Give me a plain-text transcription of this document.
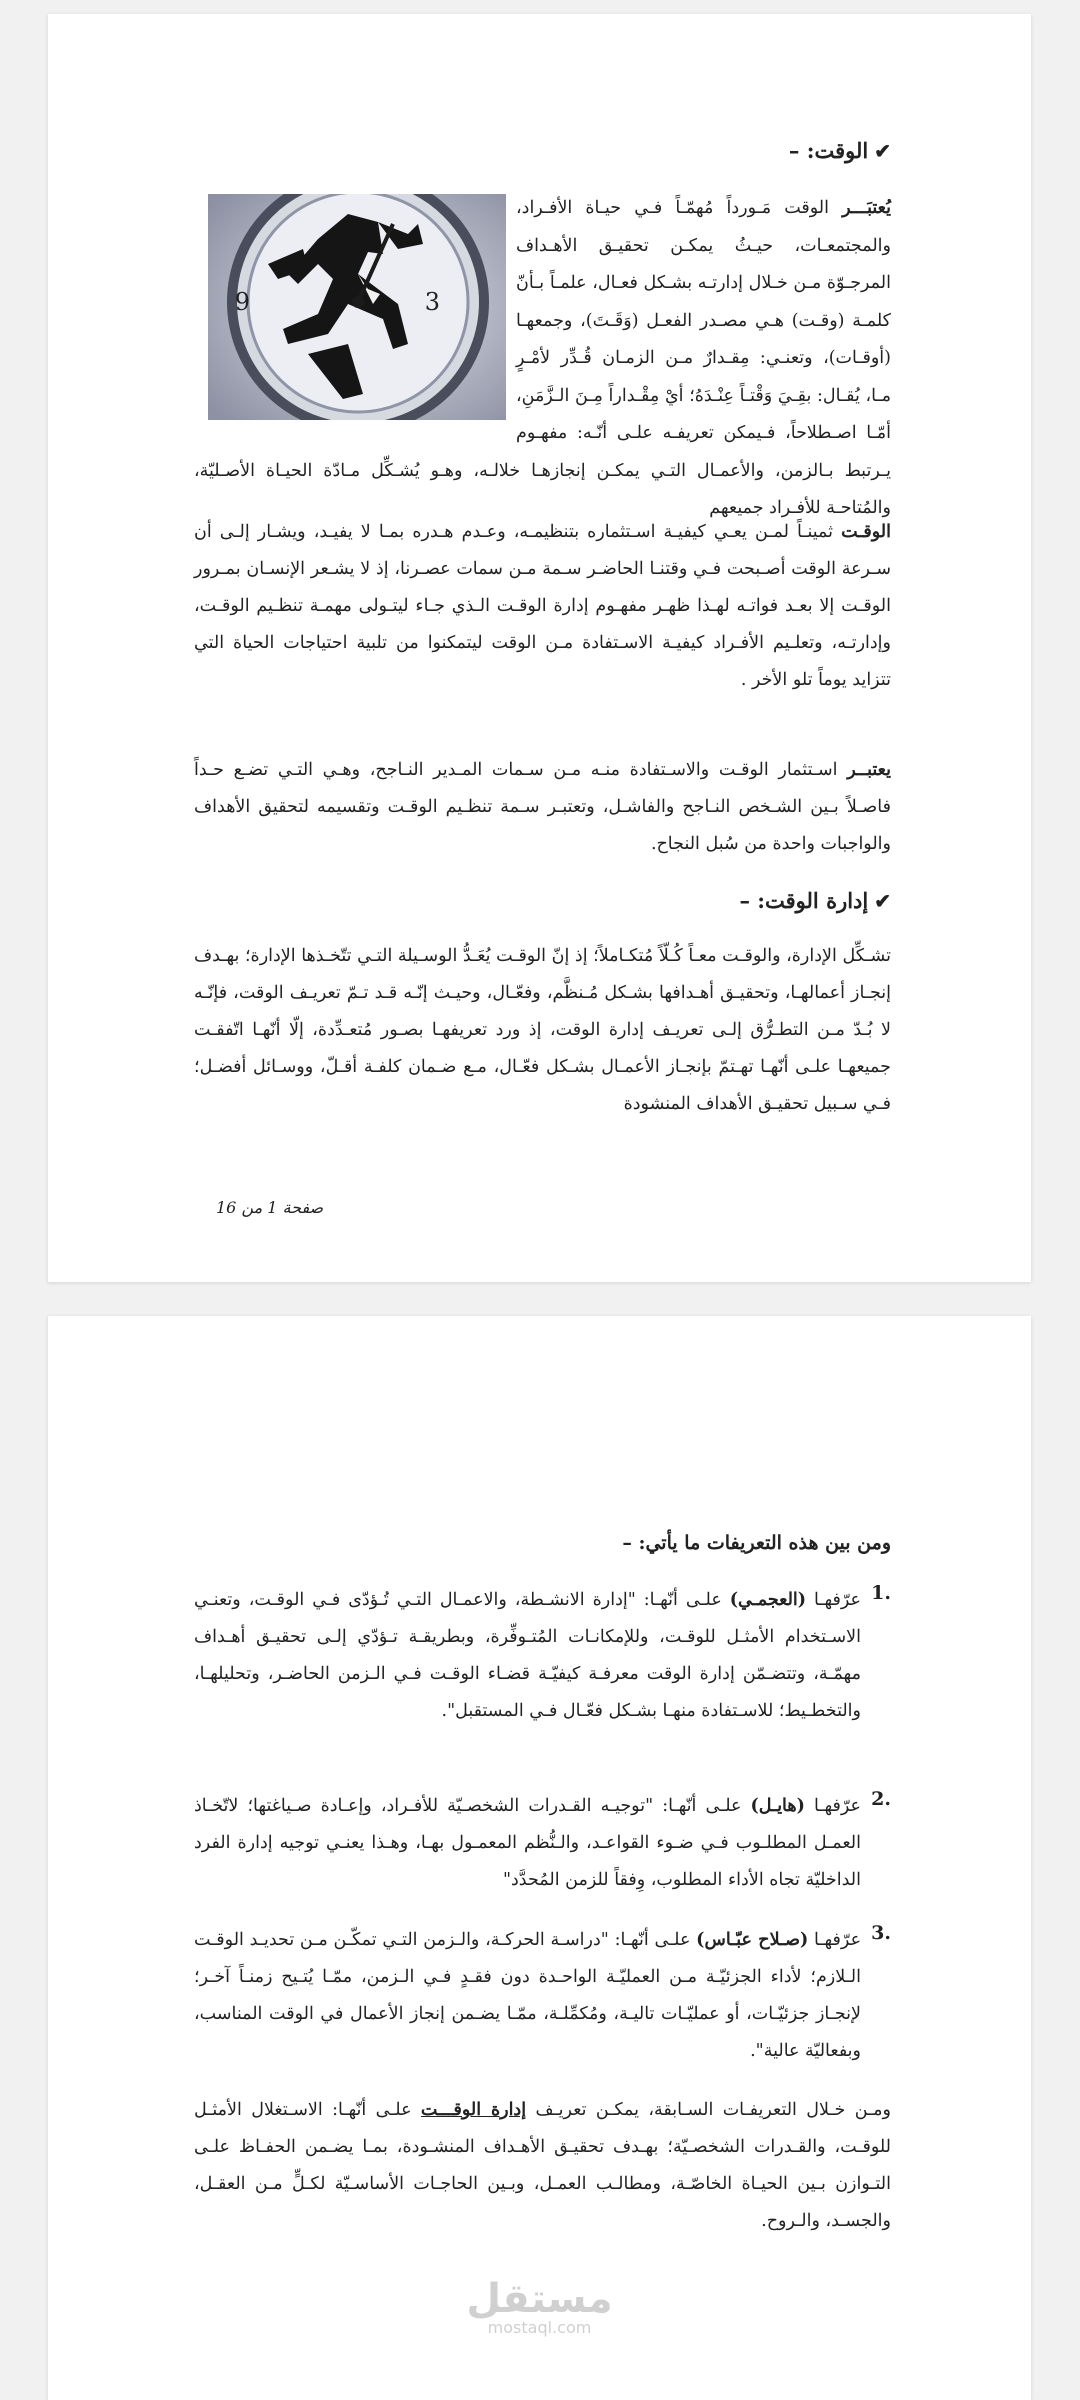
✔الوقت: –
9	3
يُعتبَـــر الوقت مَـورداً مُهمّـاً فـي حيـاة الأفـراد، والمجتمعـات، حيـثُ يمكـن تحقيـق الأهـداف المرجـوّة مـن خـلال إدارتـه بشـكل فعـال، علمـاً بـأنّ كلمـة (وقـت) هـي مصـدر الفعـل (وَقَـتَ)، وجمعهـا (أوقـات)، وتعنـي: مِقـدارٌ مـن الزمـان قُـدِّر لأمْـرٍ مـا، يُقـال: بقِـيَ وَقْتـاً عِنْـدَهُ؛ أيْ مِقْـداراً مِـنَ الـزَّمَنِ، أمّـا اصـطلاحاً، فـيمكن تعريفـه علـى أنّـه: مفهـوم يـرتبط بـالزمن، والأعمـال التـي يمكـن إنجازهـا خلالـه، وهـو يُشـكِّل مـادّة الحيـاة الأصـليّة، والمُتاحـة للأفـراد جميعهم
الوقـت ثمينـاً لمـن يعـي كيفيـة اسـتثماره بتنظيمـه، وعـدم هـدره بمـا لا يفيـد، ويشـار إلـى أن سـرعة الوقت أصـبحت فـي وقتنـا الحاضـر سـمة مـن سمات عصـرنا، إذ لا يشـعر الإنسـان بمـرور الوقـت إلا بعـد فواتـه لهـذا ظهـر مفهـوم إدارة الوقـت الـذي جـاء ليتـولى مهمـة تنظـيم الوقـت، وإدارتـه، وتعلـيم الأفـراد كيفيـة الاسـتفادة مـن الوقت ليتمكنوا من تلبية احتياجات الحياة التي تتزايد يوماً تلو الأخر .
يعتبــر اسـتثمار الوقـت والاسـتفادة منـه مـن سـمات المـدير النـاجح، وهـي التـي تضـع حـداً فاصـلاً بـين الشـخص النـاجح والفاشـل، وتعتبـر سـمة تنظـيم الوقـت وتقسيمه لتحقيق الأهداف والواجبات واحدة من سُبل النجاح.
✔إدارة الوقت: –
تشـكِّل الإدارة، والوقـت معـاً كُـلّاً مُتكـاملاً؛ إذ إنّ الوقـت يُعَـدُّ الوسـيلة التـي تتّخـذها الإدارة؛ بهـدف إنجـاز أعمالهـا، وتحقيـق أهـدافها بشـكل مُـنظَّم، وفعّـال، وحيـث إنّـه قـد تـمّ تعريـف الوقت، فإنّـه لا بُـدّ مـن التطـرُّق إلـى تعريـف إدارة الوقت، إذ ورد تعريفهـا بصـور مُتعـدِّدة، إلّا أنّهـا اتّفقـت جميعهـا علـى أنّهـا تهـتمّ بإنجـاز الأعمـال بشـكل فعّـال، مـع ضـمان كلفـة أقـلّ، ووسـائل أفضـل؛ فـي سـبيل تحقيـق الأهداف المنشودة
صفحة 1 من 16
ومن بين هذه التعريفات ما يأتي: –
.1
عرّفهـا (العجمـي) علـى أنّهـا: "إدارة الانشـطة، والاعمـال التـي تُـؤدّى فـي الوقـت، وتعنـي الاسـتخدام الأمثـل للوقـت، وللإمكانـات المُتـوفِّرة، وبطريقـة تـؤدّي إلـى تحقيـق أهـداف مهمّـة، وتتضـمّن إدارة الوقت معرفـة كيفيّـة قضـاء الوقـت فـي الـزمن الحاضـر، وتحليلهـا، والتخطـيط؛ للاسـتفادة منهـا بشـكل فعّـال فـي المستقبل".
.2
عرّفهـا (هايـل) علـى أنّهـا: "توجيـه القـدرات الشخصـيّة للأفـراد، وإعـادة صـياغتها؛ لاتّخـاذ العمـل المطلـوب فـي ضـوء القواعـد، والـنُّظم المعمـول بهـا، وهـذا يعنـي توجيه إدارة الفرد الداخليّة تجاه الأداء المطلوب، وِفقاً للزمن المُحدَّد"
.3
عرّفهـا (صـلاح عبّـاس) علـى أنّهـا: "دراسـة الحركـة، والـزمن التـي تمكّـن مـن تحديـد الوقـت الـلازم؛ لأداء الجزئيّـة مـن العمليّـة الواحـدة دون فقـدٍ فـي الـزمن، ممّـا يُتـيح زمنـاً آخـر؛ لإنجـاز جزئيّـات، أو عمليّـات تاليـة، ومُكمِّلـة، ممّـا يضـمن إنجاز الأعمال في الوقت المناسب، وبفعاليّة عالية".
ومـن خـلال التعريفـات السـابقة، يمكـن تعريـف إدارة الوقـــت علـى أنّهـا: الاسـتغلال الأمثـل للوقـت، والقـدرات الشخصـيّة؛ بهـدف تحقيـق الأهـداف المنشـودة، بمـا يضـمن الحفـاظ علـى التـوازن بـين الحيـاة الخاصّـة، ومطالـب العمـل، وبـين الحاجـات الأساسـيّة لكـلٍّ مـن العقـل، والجسـد، والـروح.
مستقل
mostaql.com
